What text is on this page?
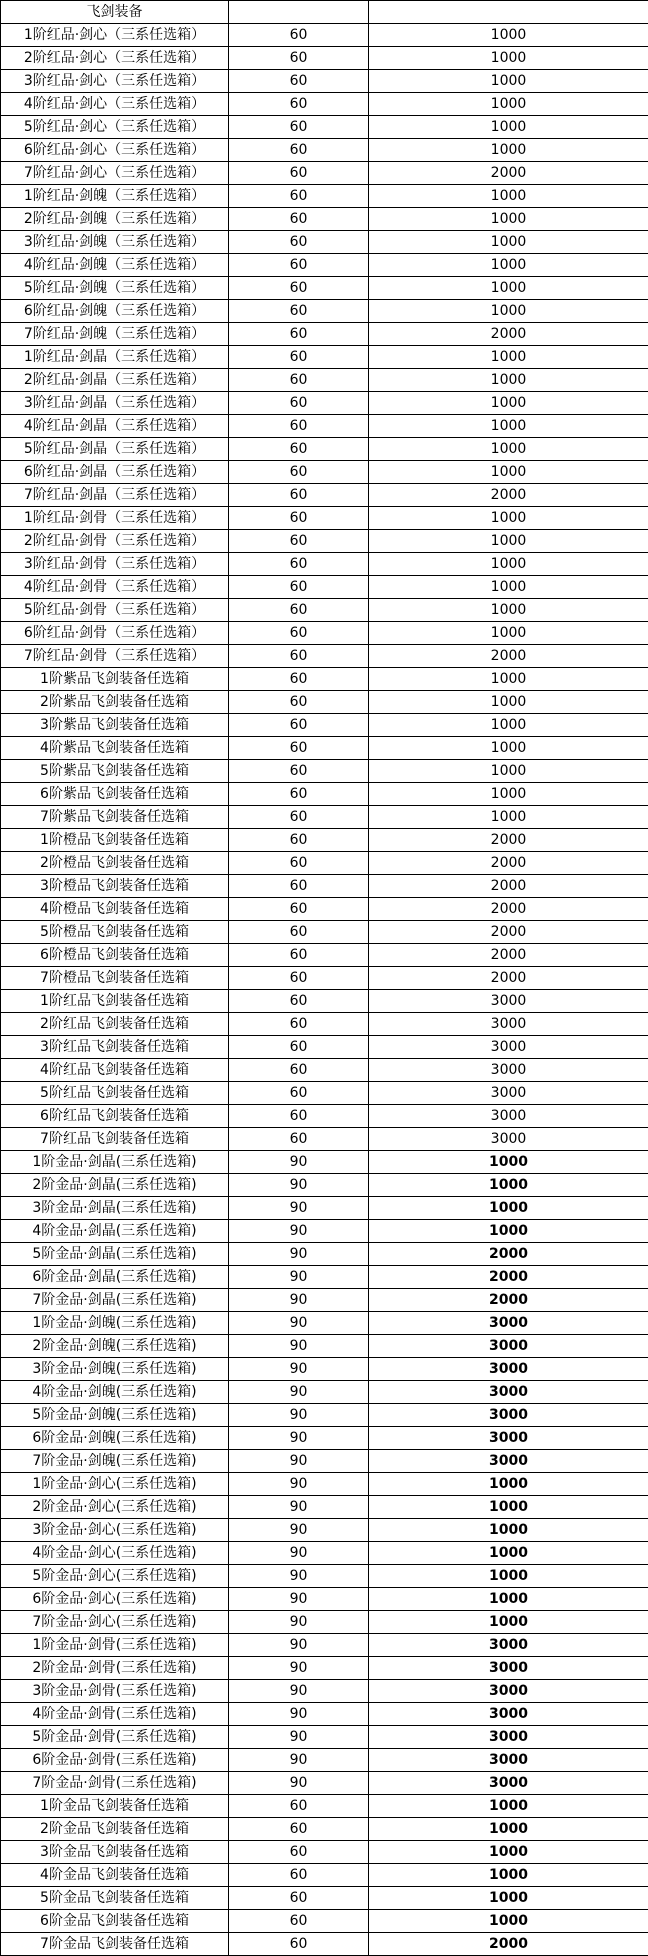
飞剑装备		
1阶红品·剑心（三系任选箱）	60	1000
2阶红品·剑心（三系任选箱）	60	1000
3阶红品·剑心（三系任选箱）	60	1000
4阶红品·剑心（三系任选箱）	60	1000
5阶红品·剑心（三系任选箱）	60	1000
6阶红品·剑心（三系任选箱）	60	1000
7阶红品·剑心（三系任选箱）	60	2000
1阶红品·剑魄（三系任选箱）	60	1000
2阶红品·剑魄（三系任选箱）	60	1000
3阶红品·剑魄（三系任选箱）	60	1000
4阶红品·剑魄（三系任选箱）	60	1000
5阶红品·剑魄（三系任选箱）	60	1000
6阶红品·剑魄（三系任选箱）	60	1000
7阶红品·剑魄（三系任选箱）	60	2000
1阶红品·剑晶（三系任选箱）	60	1000
2阶红品·剑晶（三系任选箱）	60	1000
3阶红品·剑晶（三系任选箱）	60	1000
4阶红品·剑晶（三系任选箱）	60	1000
5阶红品·剑晶（三系任选箱）	60	1000
6阶红品·剑晶（三系任选箱）	60	1000
7阶红品·剑晶（三系任选箱）	60	2000
1阶红品·剑骨（三系任选箱）	60	1000
2阶红品·剑骨（三系任选箱）	60	1000
3阶红品·剑骨（三系任选箱）	60	1000
4阶红品·剑骨（三系任选箱）	60	1000
5阶红品·剑骨（三系任选箱）	60	1000
6阶红品·剑骨（三系任选箱）	60	1000
7阶红品·剑骨（三系任选箱）	60	2000
1阶紫品飞剑装备任选箱	60	1000
2阶紫品飞剑装备任选箱	60	1000
3阶紫品飞剑装备任选箱	60	1000
4阶紫品飞剑装备任选箱	60	1000
5阶紫品飞剑装备任选箱	60	1000
6阶紫品飞剑装备任选箱	60	1000
7阶紫品飞剑装备任选箱	60	1000
1阶橙品飞剑装备任选箱	60	2000
2阶橙品飞剑装备任选箱	60	2000
3阶橙品飞剑装备任选箱	60	2000
4阶橙品飞剑装备任选箱	60	2000
5阶橙品飞剑装备任选箱	60	2000
6阶橙品飞剑装备任选箱	60	2000
7阶橙品飞剑装备任选箱	60	2000
1阶红品飞剑装备任选箱	60	3000
2阶红品飞剑装备任选箱	60	3000
3阶红品飞剑装备任选箱	60	3000
4阶红品飞剑装备任选箱	60	3000
5阶红品飞剑装备任选箱	60	3000
6阶红品飞剑装备任选箱	60	3000
7阶红品飞剑装备任选箱	60	3000
1阶金品·剑晶(三系任选箱)	90	1000
2阶金品·剑晶(三系任选箱)	90	1000
3阶金品·剑晶(三系任选箱)	90	1000
4阶金品·剑晶(三系任选箱)	90	1000
5阶金品·剑晶(三系任选箱)	90	2000
6阶金品·剑晶(三系任选箱)	90	2000
7阶金品·剑晶(三系任选箱)	90	2000
1阶金品·剑魄(三系任选箱)	90	3000
2阶金品·剑魄(三系任选箱)	90	3000
3阶金品·剑魄(三系任选箱)	90	3000
4阶金品·剑魄(三系任选箱)	90	3000
5阶金品·剑魄(三系任选箱)	90	3000
6阶金品·剑魄(三系任选箱)	90	3000
7阶金品·剑魄(三系任选箱)	90	3000
1阶金品·剑心(三系任选箱)	90	1000
2阶金品·剑心(三系任选箱)	90	1000
3阶金品·剑心(三系任选箱)	90	1000
4阶金品·剑心(三系任选箱)	90	1000
5阶金品·剑心(三系任选箱)	90	1000
6阶金品·剑心(三系任选箱)	90	1000
7阶金品·剑心(三系任选箱)	90	1000
1阶金品·剑骨(三系任选箱)	90	3000
2阶金品·剑骨(三系任选箱)	90	3000
3阶金品·剑骨(三系任选箱)	90	3000
4阶金品·剑骨(三系任选箱)	90	3000
5阶金品·剑骨(三系任选箱)	90	3000
6阶金品·剑骨(三系任选箱)	90	3000
7阶金品·剑骨(三系任选箱)	90	3000
1阶金品飞剑装备任选箱	60	1000
2阶金品飞剑装备任选箱	60	1000
3阶金品飞剑装备任选箱	60	1000
4阶金品飞剑装备任选箱	60	1000
5阶金品飞剑装备任选箱	60	1000
6阶金品飞剑装备任选箱	60	1000
7阶金品飞剑装备任选箱	60	2000
